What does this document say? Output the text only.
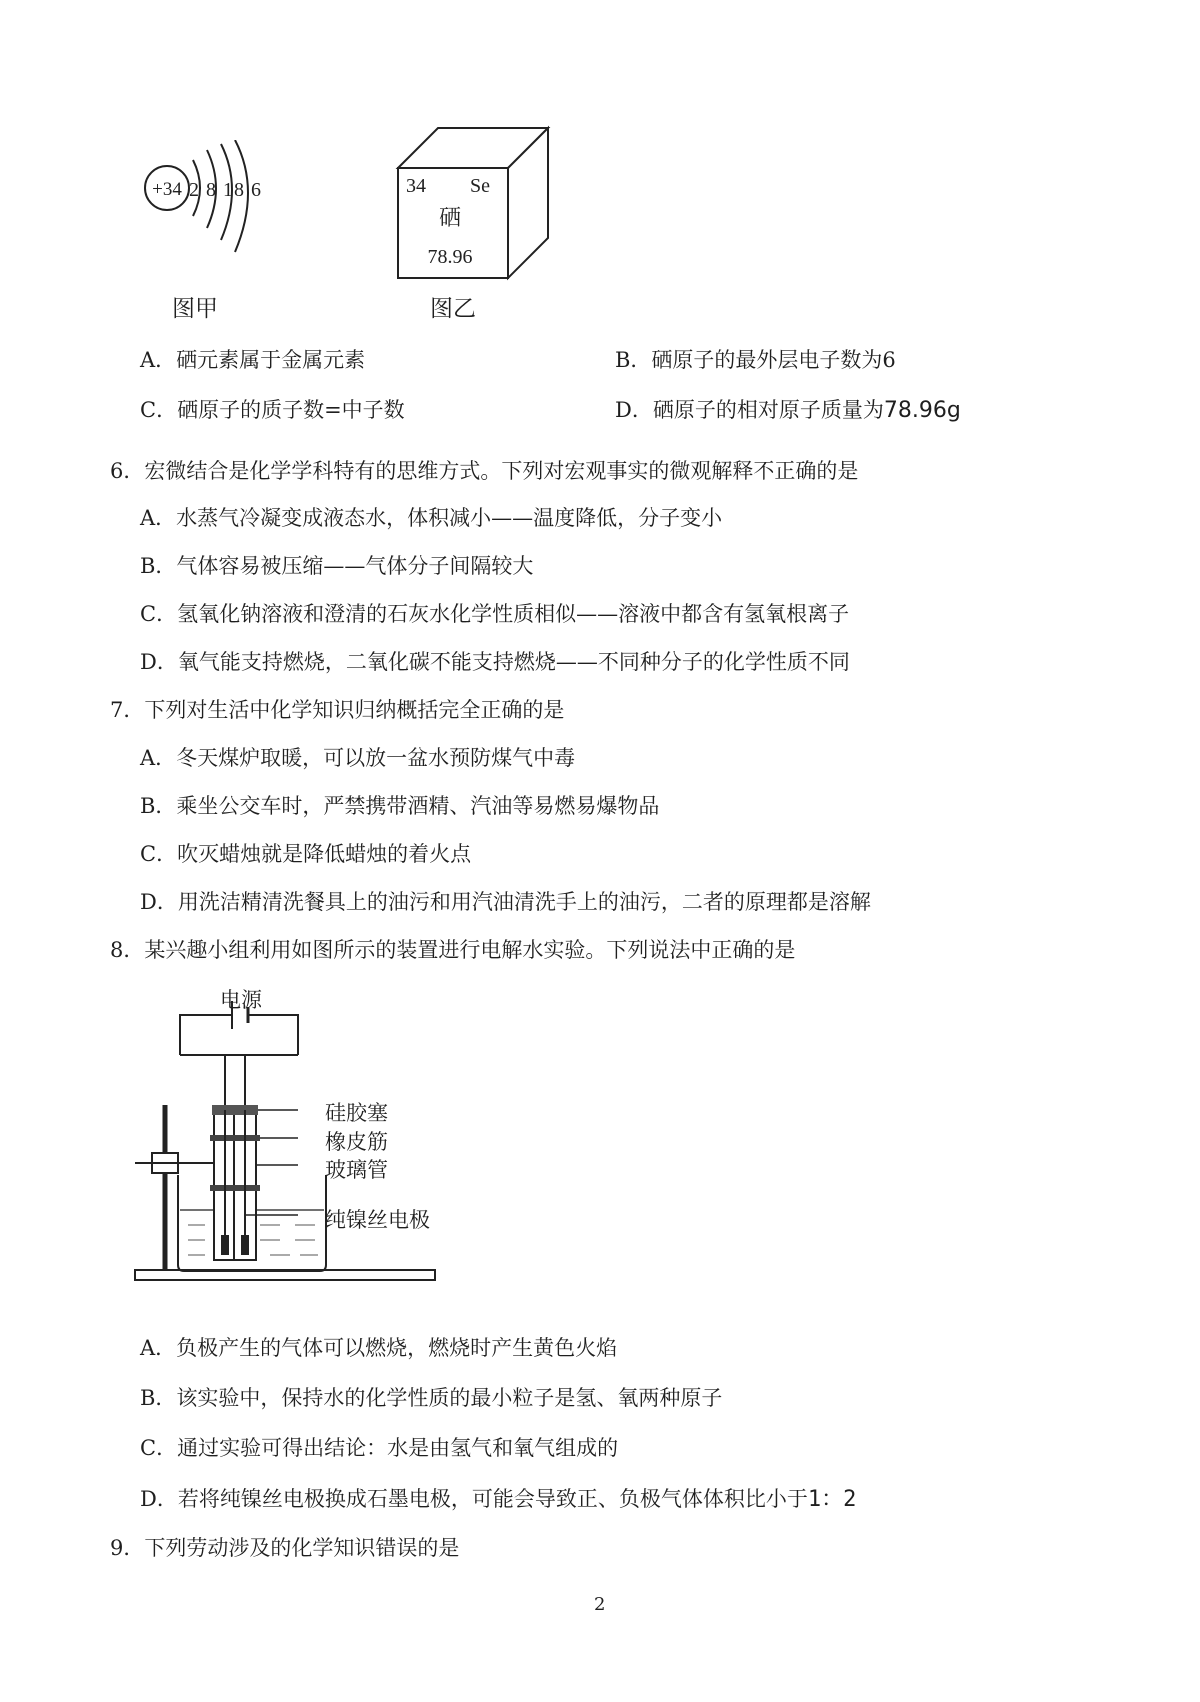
+34 2 8 18 6
图甲
34 Se
硒
78.96
图乙
A．硒元素属于金属元素	B．硒原子的最外层电子数为6
C．硒原子的质子数=中子数	D．硒原子的相对原子质量为78.96g
6．宏微结合是化学学科特有的思维方式。下列对宏观事实的微观解释不正确的是
A．水蒸气冷凝变成液态水，体积减小——温度降低，分子变小
B．气体容易被压缩——气体分子间隔较大
C．氢氧化钠溶液和澄清的石灰水化学性质相似——溶液中都含有氢氧根离子
D．氧气能支持燃烧，二氧化碳不能支持燃烧——不同种分子的化学性质不同
7．下列对生活中化学知识归纳概括完全正确的是
A．冬天煤炉取暖，可以放一盆水预防煤气中毒
B．乘坐公交车时，严禁携带酒精、汽油等易燃易爆物品
C．吹灭蜡烛就是降低蜡烛的着火点
D．用洗洁精清洗餐具上的油污和用汽油清洗手上的油污，二者的原理都是溶解
8．某兴趣小组利用如图所示的装置进行电解水实验。下列说法中正确的是
电源
硅胶塞
橡皮筋
玻璃管
纯镍丝电极
A．负极产生的气体可以燃烧，燃烧时产生黄色火焰
B．该实验中，保持水的化学性质的最小粒子是氢、氧两种原子
C．通过实验可得出结论：水是由氢气和氧气组成的
D．若将纯镍丝电极换成石墨电极，可能会导致正、负极气体体积比小于1：2
9．下列劳动涉及的化学知识错误的是
2
